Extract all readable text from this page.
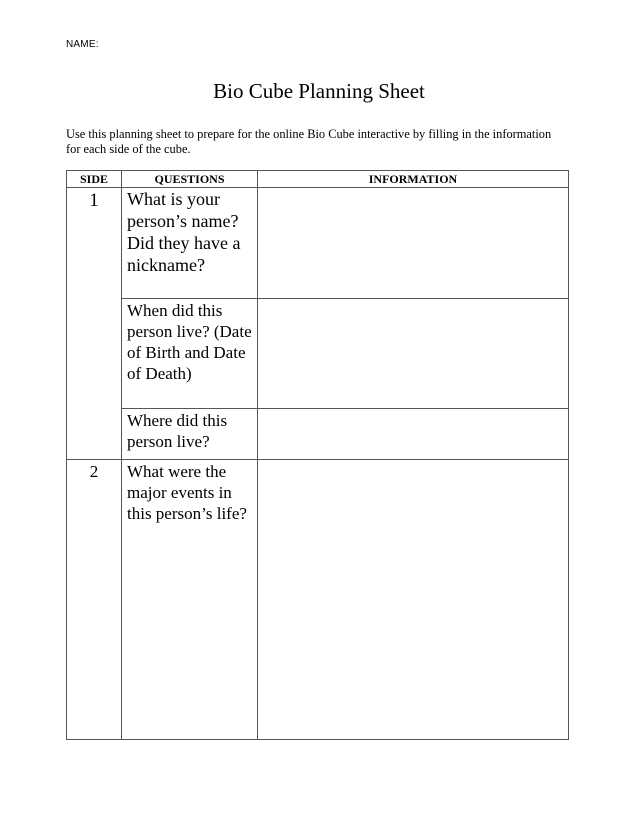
NAME:
Bio Cube Planning Sheet
Use this planning sheet to prepare for the online Bio Cube interactive by filling in the information for each side of the cube.
SIDE	QUESTIONS	INFORMATION
1	What is your person’s name? Did they have a nickname?	
	When did this person live? (Date of Birth and Date of Death)	
	Where did this person live?	
2	What were the major events in this person’s life?	
